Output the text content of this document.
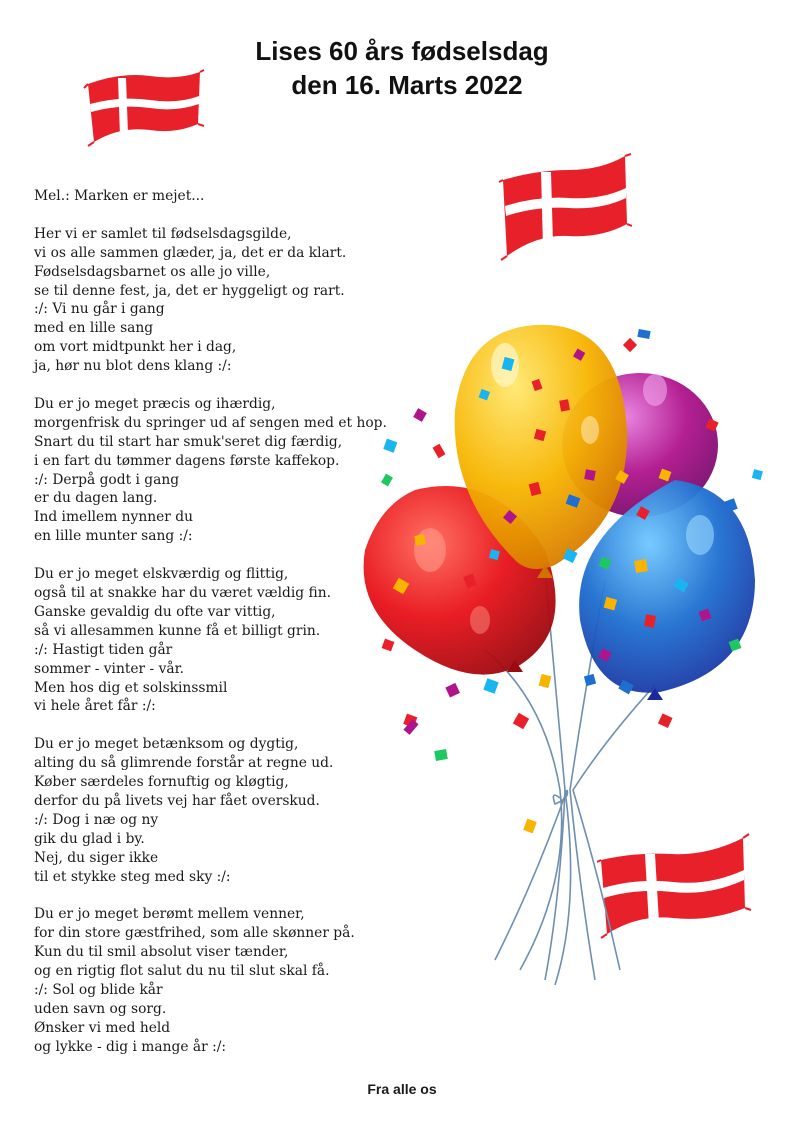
Lises 60 års fødselsdag
den 16. Marts 2022
Mel.: Marken er mejet...
Her vi er samlet til fødselsdagsgilde,
vi os alle sammen glæder, ja, det er da klart.
Fødselsdagsbarnet os alle jo ville,
se til denne fest, ja, det er hyggeligt og rart.
:/: Vi nu går i gang
med en lille sang
om vort midtpunkt her i dag,
ja, hør nu blot dens klang :/:
Du er jo meget præcis og ihærdig,
morgenfrisk du springer ud af sengen med et hop.
Snart du til start har smuk'seret dig færdig,
i en fart du tømmer dagens første kaffekop.
:/: Derpå godt i gang
er du dagen lang.
Ind imellem nynner du
en lille munter sang :/:
Du er jo meget elskværdig og flittig,
også til at snakke har du været vældig fin.
Ganske gevaldig du ofte var vittig,
så vi allesammen kunne få et billigt grin.
:/: Hastigt tiden går
sommer - vinter - vår.
Men hos dig et solskinssmil
vi hele året får :/:
Du er jo meget betænksom og dygtig,
alting du så glimrende forstår at regne ud.
Køber særdeles fornuftig og kløgtig,
derfor du på livets vej har fået overskud.
:/: Dog i næ og ny
gik du glad i by.
Nej, du siger ikke
til et stykke steg med sky :/:
Du er jo meget berømt mellem venner,
for din store gæstfrihed, som alle skønner på.
Kun du til smil absolut viser tænder,
og en rigtig flot salut du nu til slut skal få.
:/: Sol og blide kår
uden savn og sorg.
Ønsker vi med held
og lykke - dig i mange år :/:
Fra alle os
